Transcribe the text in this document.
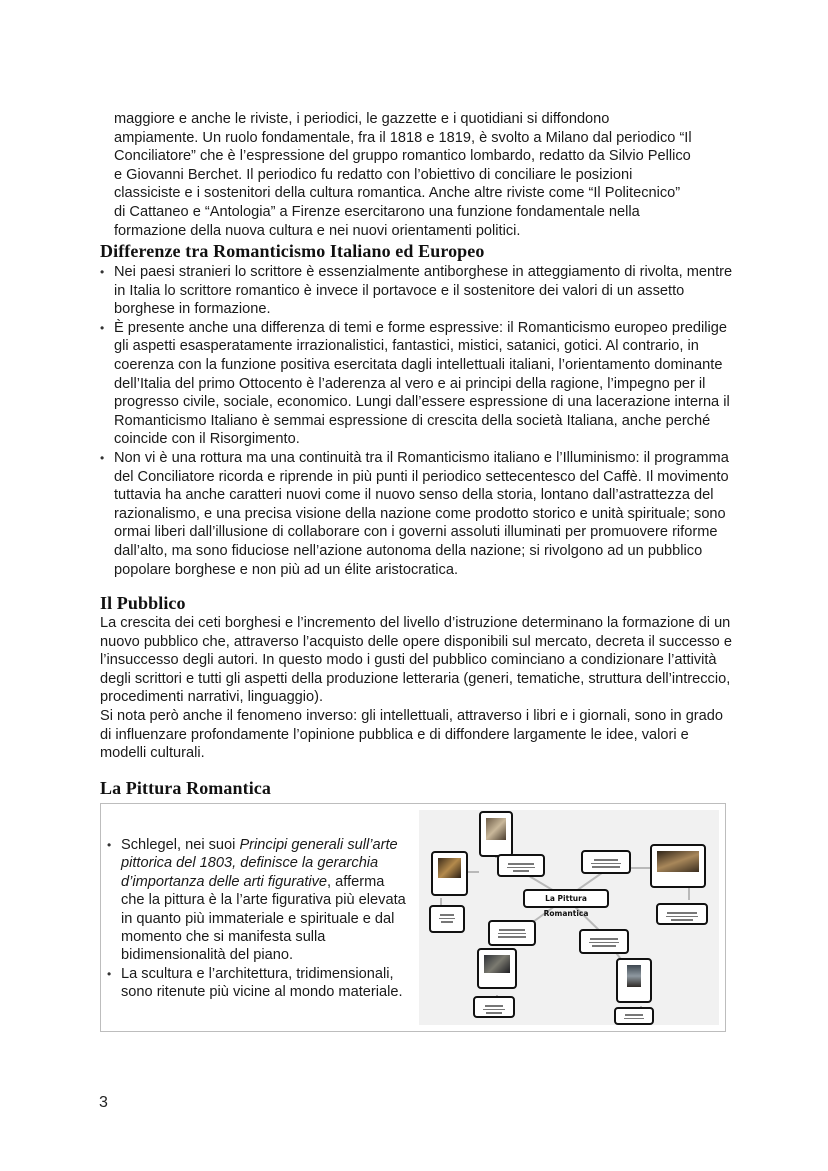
maggiore e anche le riviste, i periodici, le gazzette e i quotidiani si diffondono
ampiamente. Un ruolo fondamentale, fra il 1818 e 1819, è svolto a Milano dal periodico “Il
Conciliatore” che è l’espressione del gruppo romantico lombardo, redatto da Silvio Pellico
e Giovanni Berchet. Il periodico fu redatto con l’obiettivo di conciliare le posizioni
classiciste e i sostenitori della cultura romantica. Anche altre riviste come “Il Politecnico”
di Cattaneo e “Antologia” a Firenze esercitarono una funzione fondamentale nella
formazione della nuova cultura e nei nuovi orientamenti politici.
Differenze tra Romanticismo Italiano ed Europeo
• Nei paesi stranieri lo scrittore è essenzialmente antiborghese in atteggiamento di rivolta, mentre in Italia lo scrittore romantico è invece il portavoce e il sostenitore dei valori di un assetto borghese in formazione.
• È presente anche una differenza di temi e forme espressive: il Romanticismo europeo predilige gli aspetti esasperatamente irrazionalistici, fantastici, mistici, satanici, gotici. Al contrario, in coerenza con la funzione positiva esercitata dagli intellettuali italiani, l’orientamento dominante dell’Italia del primo Ottocento è l’aderenza al vero e ai principi della ragione, l’impegno per il progresso civile, sociale, economico. Lungi dall’essere espressione di una lacerazione interna il Romanticismo Italiano è semmai espressione di crescita della società Italiana, anche perché coincide con il Risorgimento.
• Non vi è una rottura ma una continuità tra il Romanticismo italiano e l’Illuminismo: il programma del Conciliatore ricorda e riprende in più punti il periodico settecentesco del Caffè. Il movimento tuttavia ha anche caratteri nuovi come il nuovo senso della storia, lontano dall’astrattezza del razionalismo, e una precisa visione della nazione come prodotto storico e unità spirituale; sono ormai liberi dall’illusione di collaborare con i governi assoluti illuminati per promuovere riforme dall’alto, ma sono fiduciose nell’azione autonoma della nazione; si rivolgono ad un pubblico popolare borghese e non più ad un élite aristocratica.
Il Pubblico
La crescita dei ceti borghesi e l’incremento del livello d’istruzione determinano la formazione di un nuovo pubblico che, attraverso l’acquisto delle opere disponibili sul mercato, decreta il successo e l’insuccesso degli autori. In questo modo i gusti del pubblico cominciano a condizionare l’attività degli scrittori e tutti gli aspetti della produzione letteraria (generi, tematiche, struttura dell’intreccio, procedimenti narrativi, linguaggio).
Si nota però anche il fenomeno inverso: gli intellettuali, attraverso i libri e i giornali, sono in grado di influenzare profondamente l’opinione pubblica e di diffondere largamente le idee, valori e modelli culturali.
La Pittura Romantica
• Schlegel, nei suoi Principi generali sull’arte pittorica del 1803, definisce la gerarchia d’importanza delle arti figurative, afferma che la pittura è la l’arte figurativa più elevata in quanto più immateriale e spirituale e dal momento che si manifesta sulla bidimensionalità del piano.
• La scultura e l’architettura, tridimensionali, sono ritenute più vicine al mondo materiale.
La Pittura Romantica
3
